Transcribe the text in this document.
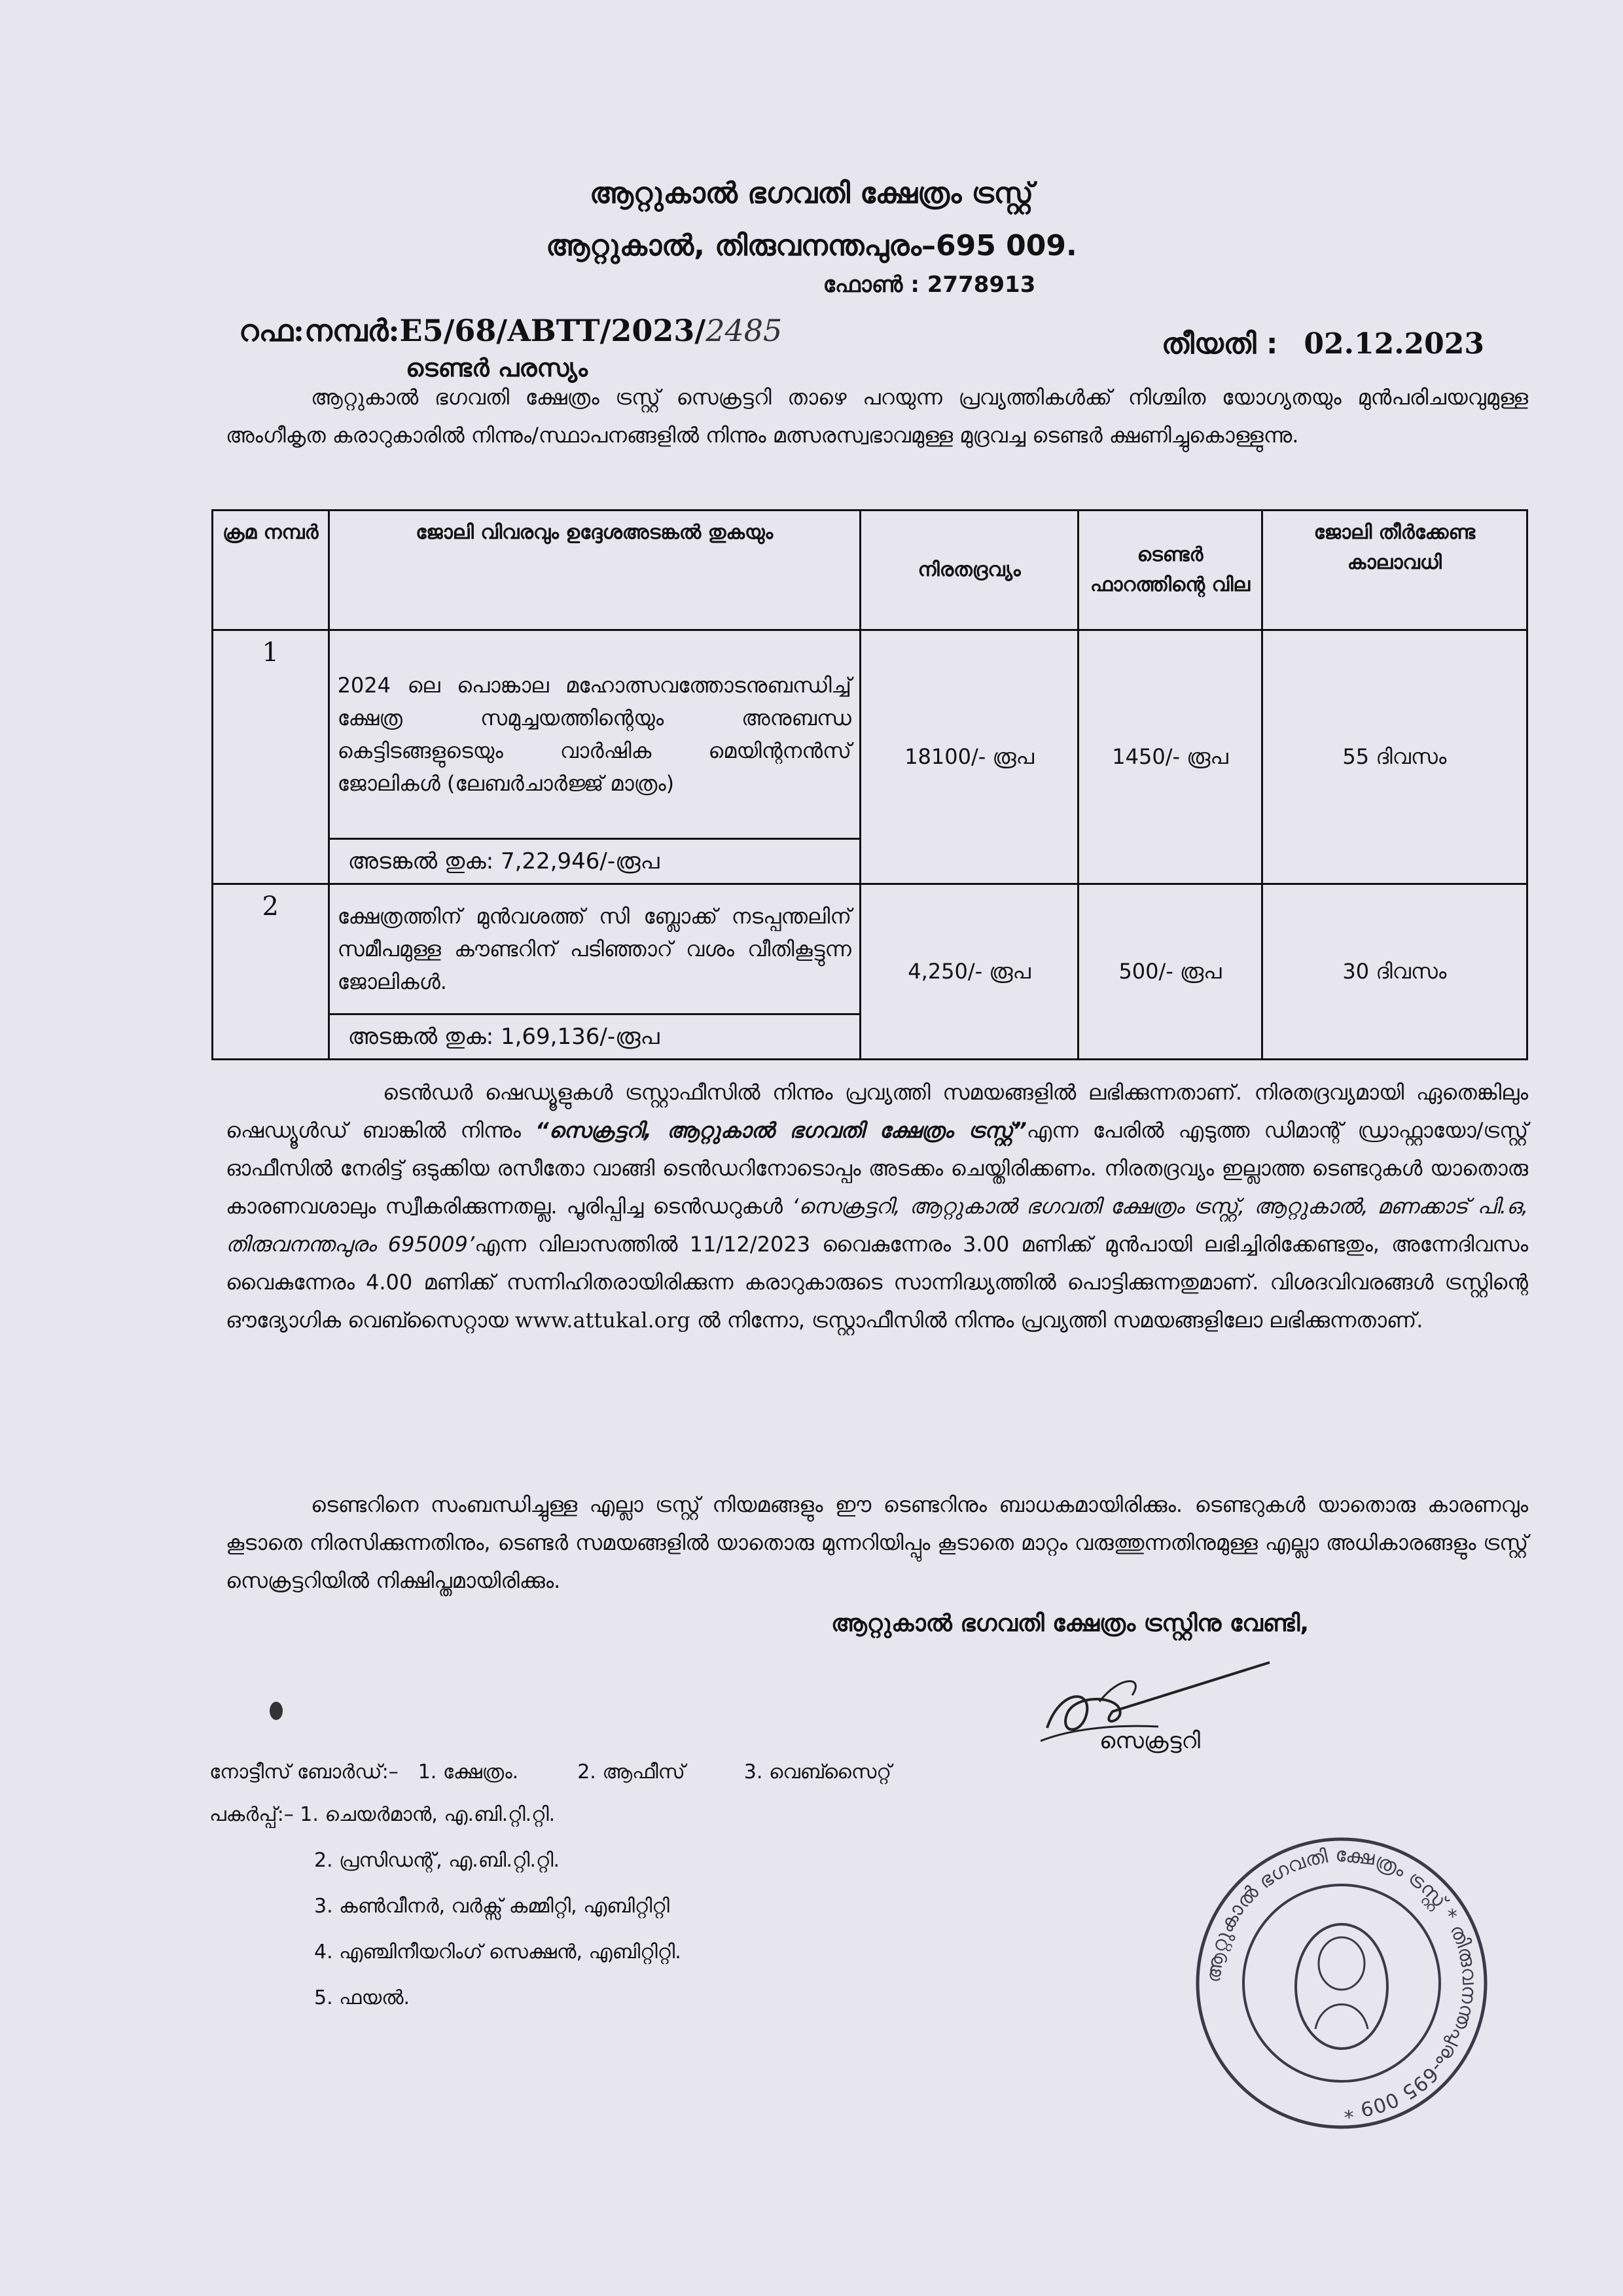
ആറ്റുകാൽ ഭഗവതി ക്ഷേത്രം ട്രസ്റ്റ്
ആറ്റുകാൽ, തിരുവനന്തപുരം–695 009.
ഫോൺ : 2778913
റഫ:നമ്പർ:E5/68/ABTT/2023/2485	തീയതി : 02.12.2023
ടെണ്ടർ പരസ്യം
ആറ്റുകാൽ ഭഗവതി ക്ഷേത്രം ട്രസ്റ്റ് സെക്രട്ടറി താഴെ പറയുന്ന പ്രവ്യത്തികൾക്ക് നിശ്ചിത യോഗ്യതയും മുൻപരിചയവുമുള്ള അംഗീകൃത കരാറുകാരിൽ നിന്നും/സ്ഥാപനങ്ങളിൽ നിന്നും മത്സരസ്വഭാവമുള്ള മുദ്രവച്ച ടെണ്ടർ ക്ഷണിച്ചുകൊള്ളുന്നു.
ക്രമ നമ്പർ	ജോലി വിവരവും ഉദ്ദേശഅടങ്കൽ തുകയും	നിരതദ്രവ്യം	ടെണ്ടർ ഫാറത്തിന്റെ വില	ജോലി തീർക്കേണ്ട കാലാവധി
1	2024 ലെ പൊങ്കാല മഹോത്സവത്തോടനുബന്ധിച്ച് ക്ഷേത്ര സമുച്ചയത്തിന്റെയും അനുബന്ധ കെട്ടിടങ്ങളുടെയും വാർഷിക മെയിന്റനൻസ് ജോലികൾ (ലേബർചാർജ്ജ് മാത്രം)	18100/- രൂപ	1450/- രൂപ	55 ദിവസം
	അടങ്കൽ തുക: 7,22,946/-രൂപ			
2	ക്ഷേത്രത്തിന് മുൻവശത്ത് സി ബ്ലോക്ക് നടപ്പന്തലിന് സമീപമുള്ള കൗണ്ടറിന് പടിഞ്ഞാറ് വശം വീതികൂട്ടുന്ന ജോലികൾ.	4,250/- രൂപ	500/- രൂപ	30 ദിവസം
	അടങ്കൽ തുക: 1,69,136/-രൂപ			
ടെൻഡർ ഷെഡ്യൂളുകൾ ട്രസ്റ്റാഫീസിൽ നിന്നും പ്രവ്യത്തി സമയങ്ങളിൽ ലഭിക്കുന്നതാണ്. നിരതദ്രവ്യമായി ഏതെങ്കിലും ഷെഡ്യൂൾഡ് ബാങ്കിൽ നിന്നും “സെക്രട്ടറി, ആറ്റുകാൽ ഭഗവതി ക്ഷേത്രം ട്രസ്റ്റ്”എന്ന പേരിൽ എടുത്ത ഡിമാന്റ് ഡ്രാഫ്റ്റായോ/ട്രസ്റ്റ് ഓഫീസിൽ നേരിട്ട് ഒടുക്കിയ രസീതോ വാങ്ങി ടെൻഡറിനോടൊപ്പം അടക്കം ചെയ്തിരിക്കണം. നിരതദ്രവ്യം ഇല്ലാത്ത ടെണ്ടറുകൾ യാതൊരു കാരണവശാലും സ്വീകരിക്കുന്നതല്ല. പൂരിപ്പിച്ച ടെൻഡറുകൾ ‘സെക്രട്ടറി, ആറ്റുകാൽ ഭഗവതി ക്ഷേത്രം ട്രസ്റ്റ്, ആറ്റുകാൽ, മണക്കാട് പി.ഒ, തിരുവനന്തപുരം 695009’എന്ന വിലാസത്തിൽ 11/12/2023 വൈകുന്നേരം 3.00 മണിക്ക് മുൻപായി ലഭിച്ചിരിക്കേണ്ടതും, അന്നേദിവസം വൈകുന്നേരം 4.00 മണിക്ക് സന്നിഹിതരായിരിക്കുന്ന കരാറുകാരുടെ സാന്നിദ്ധ്യത്തിൽ പൊട്ടിക്കുന്നതുമാണ്. വിശദവിവരങ്ങൾ ട്രസ്റ്റിന്റെ ഔദ്യോഗിക വെബ്സൈറ്റായ www.attukal.org ൽ നിന്നോ, ട്രസ്റ്റാഫീസിൽ നിന്നും പ്രവ്യത്തി സമയങ്ങളിലോ ലഭിക്കുന്നതാണ്.
ടെണ്ടറിനെ സംബന്ധിച്ചുള്ള എല്ലാ ട്രസ്റ്റ് നിയമങ്ങളും ഈ ടെണ്ടറിനും ബാധകമായിരിക്കും. ടെണ്ടറുകൾ യാതൊരു കാരണവും കൂടാതെ നിരസിക്കുന്നതിനും, ടെണ്ടർ സമയങ്ങളിൽ യാതൊരു മുന്നറിയിപ്പും കൂടാതെ മാറ്റം വരുത്തുന്നതിനുമുള്ള എല്ലാ അധികാരങ്ങളും ട്രസ്റ്റ് സെക്രട്ടറിയിൽ നിക്ഷിപ്തമായിരിക്കും.
ആറ്റുകാൽ ഭഗവതി ക്ഷേത്രം ട്രസ്റ്റിനു വേണ്ടി,
സെക്രട്ടറി
നോട്ടീസ് ബോർഡ്:– 1. ക്ഷേത്രം.	2. ആഫീസ്	3. വെബ്സൈറ്റ്
പകർപ്പ്:– 1. ചെയർമാൻ, എ.ബി.റ്റി.റ്റി.
2. പ്രസിഡന്റ്, എ.ബി.റ്റി.റ്റി.
3. കൺവീനർ, വർക്സ് കമ്മിറ്റി, എബിറ്റിറ്റി
4. എഞ്ചിനീയറിംഗ് സെക്ഷൻ, എബിറ്റിറ്റി.
5. ഫയൽ.
ആറ്റുകാൽ ഭഗവതി ക്ഷേത്രം ട്രസ്റ്റ് * തിരുവനന്തപുരം-695 009 *
